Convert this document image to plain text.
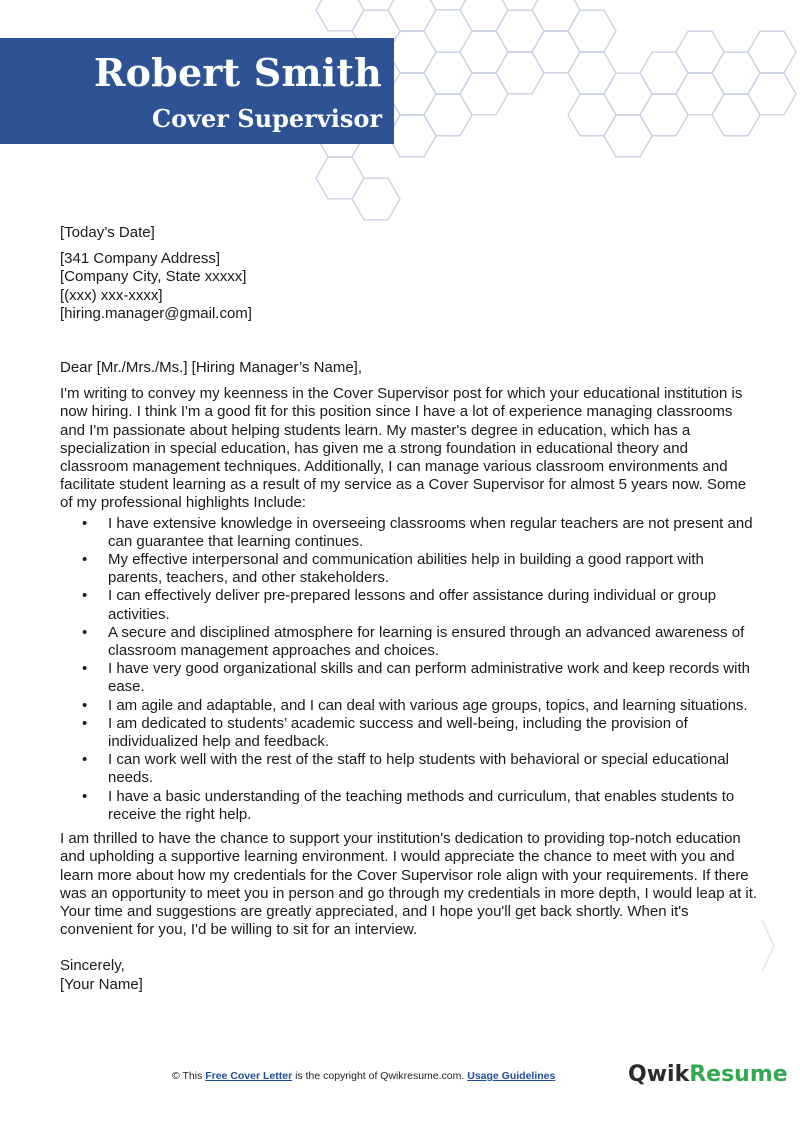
Robert Smith
Cover Supervisor

[Today’s Date]

[341 Company Address]

[Company City, State xxxxx]

[(xxx) xxx-xxxx]

[hiring.manager@gmail.com]

Dear [Mr./Mrs./Ms.] [Hiring Manager’s Name],

I'm writing to convey my keenness in the Cover Supervisor post for which your educational institution is now hiring. I think I'm a good fit for this position since I have a lot of experience managing classrooms and I'm passionate about helping students learn. My master's degree in education, which has a specialization in special education, has given me a strong foundation in educational theory and classroom management techniques. Additionally, I can manage various classroom environments and facilitate student learning as a result of my service as a Cover Supervisor for almost 5 years now. Some of my professional highlights Include:

• I have extensive knowledge in overseeing classrooms when regular teachers are not present and can guarantee that learning continues.
• My effective interpersonal and communication abilities help in building a good rapport with parents, teachers, and other stakeholders.
• I can effectively deliver pre-prepared lessons and offer assistance during individual or group activities.
• A secure and disciplined atmosphere for learning is ensured through an advanced awareness of classroom management approaches and choices.
• I have very good organizational skills and can perform administrative work and keep records with ease.
• I am agile and adaptable, and I can deal with various age groups, topics, and learning situations.
• I am dedicated to students’ academic success and well-being, including the provision of individualized help and feedback.
• I can work well with the rest of the staff to help students with behavioral or special educational needs.
• I have a basic understanding of the teaching methods and curriculum, that enables students to receive the right help.

I am thrilled to have the chance to support your institution's dedication to providing top-notch education and upholding a supportive learning environment. I would appreciate the chance to meet with you and learn more about how my credentials for the Cover Supervisor role align with your requirements. If there was an opportunity to meet you in person and go through my credentials in more depth, I would leap at it. Your time and suggestions are greatly appreciated, and I hope you'll get back shortly. When it's convenient for you, I'd be willing to sit for an interview.

Sincerely,

[Your Name]

© This Free Cover Letter is the copyright of Qwikresume.com. Usage Guidelines	QwikResume
